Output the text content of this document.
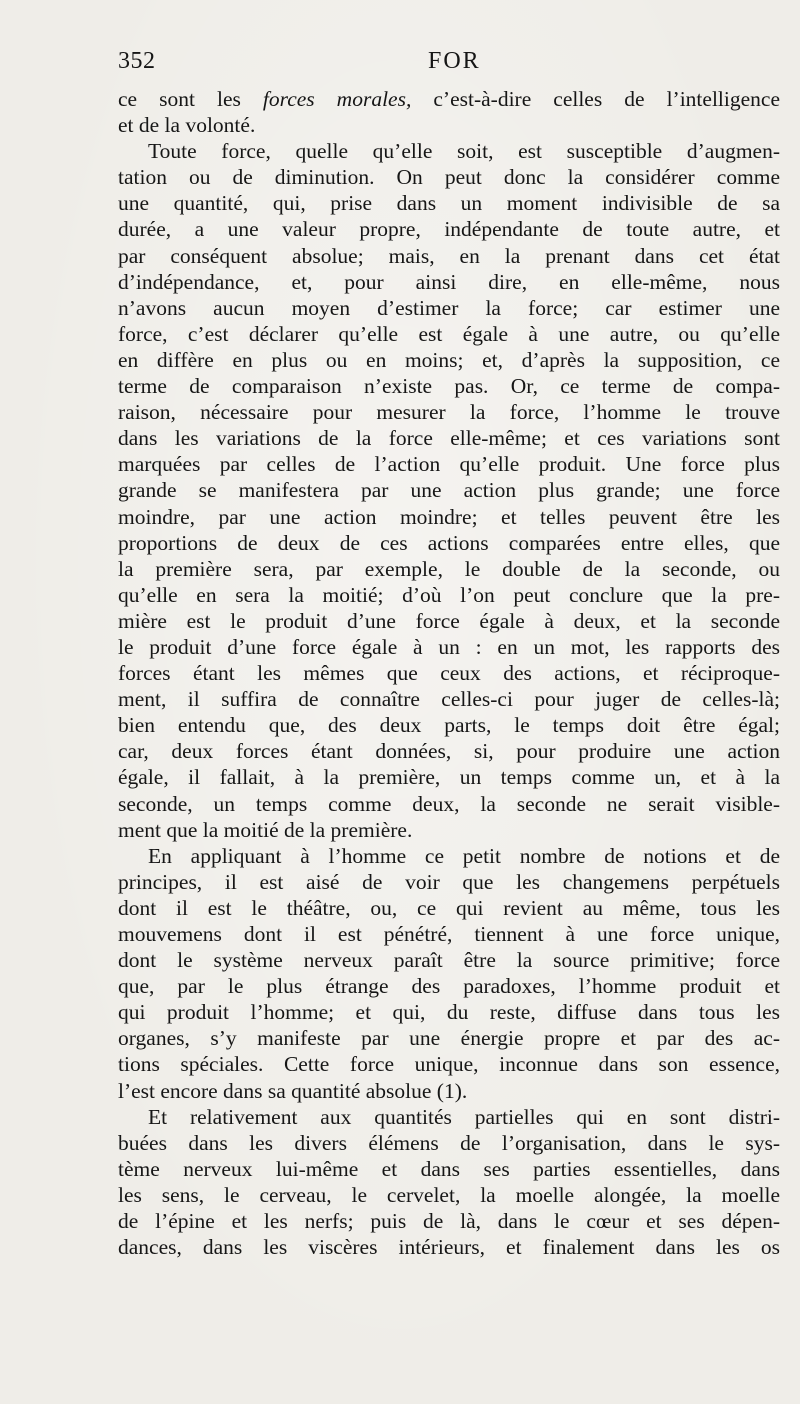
352	FOR
ce sont les forces morales, c’est-à-dire celles de l’intelligence
et de la volonté.
Toute force, quelle qu’elle soit, est susceptible d’augmen-
tation ou de diminution. On peut donc la considérer comme
une quantité, qui, prise dans un moment indivisible de sa
durée, a une valeur propre, indépendante de toute autre, et
par conséquent absolue; mais, en la prenant dans cet état
d’indépendance, et, pour ainsi dire, en elle-même, nous
n’avons aucun moyen d’estimer la force; car estimer une
force, c’est déclarer qu’elle est égale à une autre, ou qu’elle
en diffère en plus ou en moins; et, d’après la supposition, ce
terme de comparaison n’existe pas. Or, ce terme de compa-
raison, nécessaire pour mesurer la force, l’homme le trouve
dans les variations de la force elle-même; et ces variations sont
marquées par celles de l’action qu’elle produit. Une force plus
grande se manifestera par une action plus grande; une force
moindre, par une action moindre; et telles peuvent être les
proportions de deux de ces actions comparées entre elles, que
la première sera, par exemple, le double de la seconde, ou
qu’elle en sera la moitié; d’où l’on peut conclure que la pre-
mière est le produit d’une force égale à deux, et la seconde
le produit d’une force égale à un : en un mot, les rapports des
forces étant les mêmes que ceux des actions, et réciproque-
ment, il suffira de connaître celles-ci pour juger de celles-là;
bien entendu que, des deux parts, le temps doit être égal;
car, deux forces étant données, si, pour produire une action
égale, il fallait, à la première, un temps comme un, et à la
seconde, un temps comme deux, la seconde ne serait visible-
ment que la moitié de la première.
En appliquant à l’homme ce petit nombre de notions et de
principes, il est aisé de voir que les changemens perpétuels
dont il est le théâtre, ou, ce qui revient au même, tous les
mouvemens dont il est pénétré, tiennent à une force unique,
dont le système nerveux paraît être la source primitive; force
que, par le plus étrange des paradoxes, l’homme produit et
qui produit l’homme; et qui, du reste, diffuse dans tous les
organes, s’y manifeste par une énergie propre et par des ac-
tions spéciales. Cette force unique, inconnue dans son essence,
l’est encore dans sa quantité absolue (1).
Et relativement aux quantités partielles qui en sont distri-
buées dans les divers élémens de l’organisation, dans le sys-
tème nerveux lui-même et dans ses parties essentielles, dans
les sens, le cerveau, le cervelet, la moelle alongée, la moelle
de l’épine et les nerfs; puis de là, dans le cœur et ses dépen-
dances, dans les viscères intérieurs, et finalement dans les os
